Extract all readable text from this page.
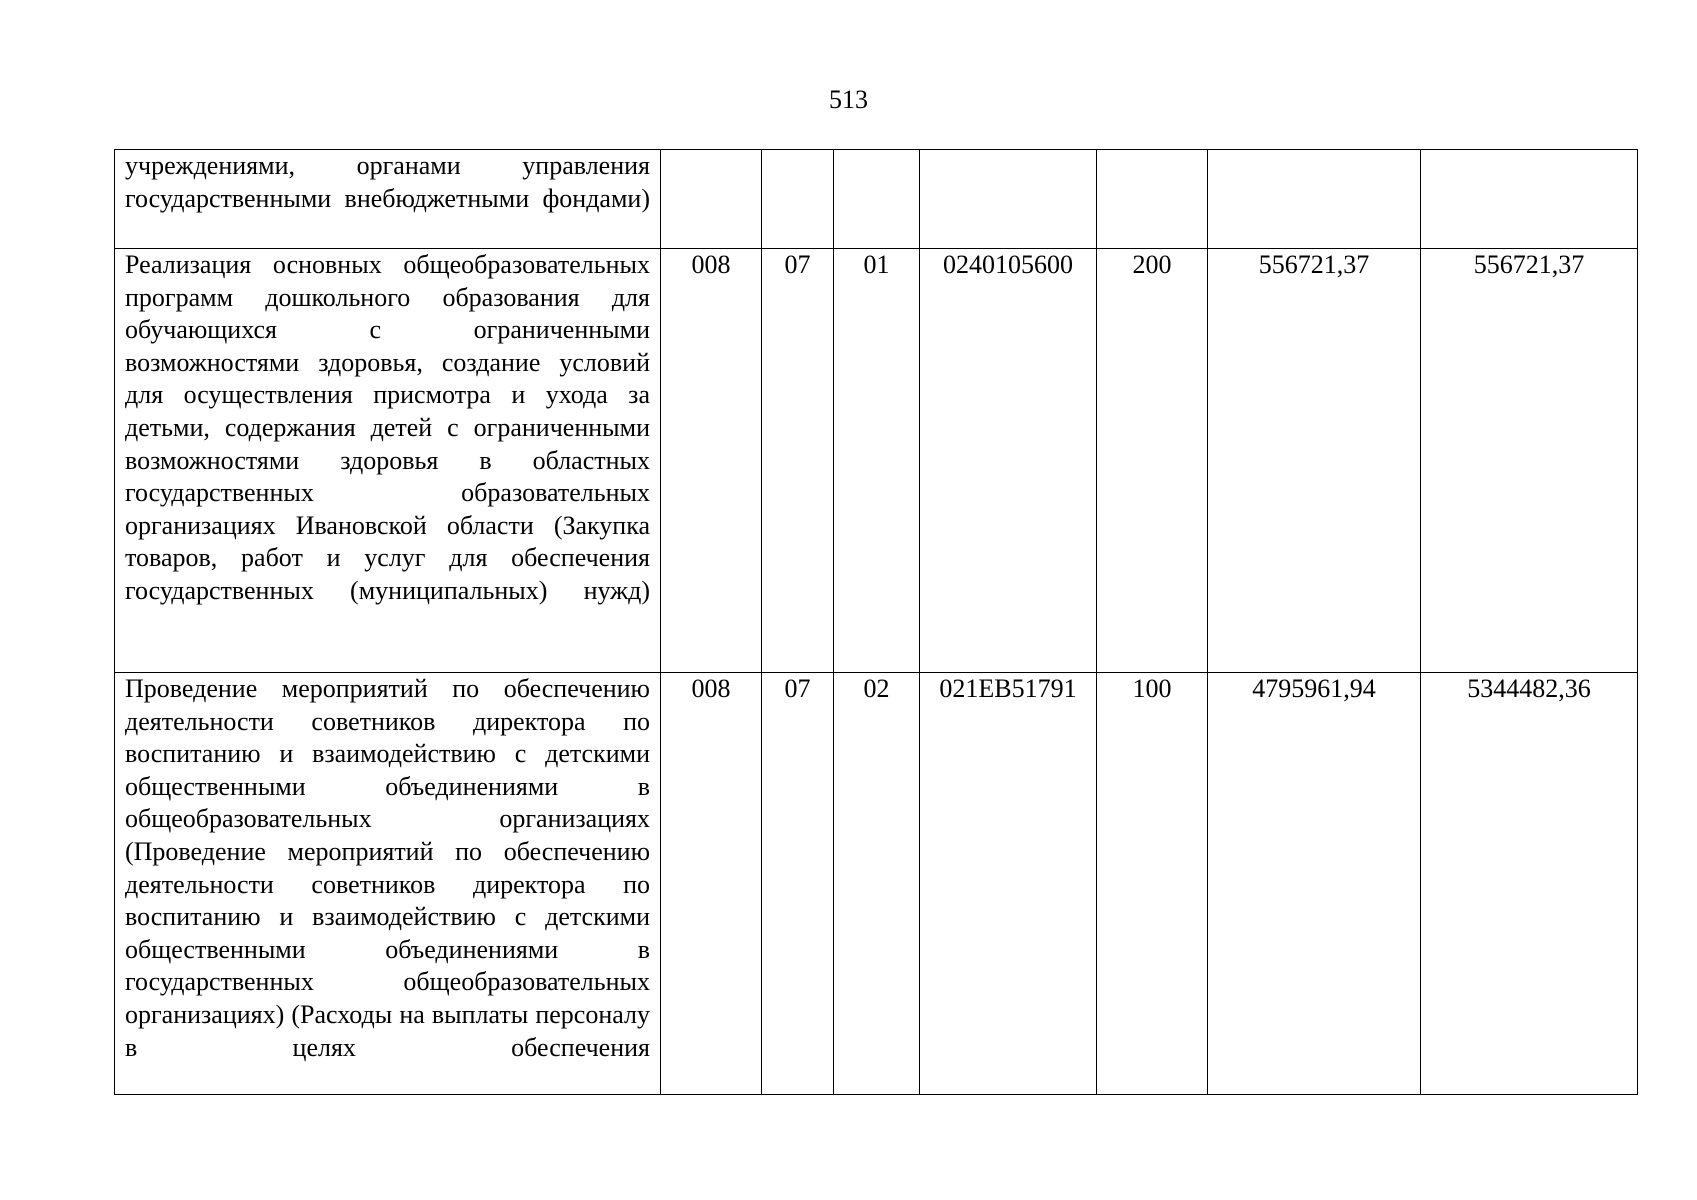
513
учреждениями, органами управления государственными внебюджетными фондами)							

Реализация основных общеобразовательных программ дошкольного образования для обучающихся с ограниченными возможностями здоровья, создание условий для осуществления присмотра и ухода за детьми, содержания детей с ограниченными возможностями здоровья в областных государственных образовательных организациях Ивановской области (Закупка товаров, работ и услуг для обеспечения государственных (муниципальных) нужд)	008	07	01	0240105600	200	556721,37	556721,37

Проведение мероприятий по обеспечению деятельности советников директора по воспитанию и взаимодействию с детскими общественными объединениями в общеобразовательных организациях (Проведение мероприятий по обеспечению деятельности советников директора по воспитанию и взаимодействию с детскими общественными объединениями в государственных общеобразовательных организациях) (Расходы на выплаты персоналу в целях обеспечения	008	07	02	021EВ51791	100	4795961,94	5344482,36
